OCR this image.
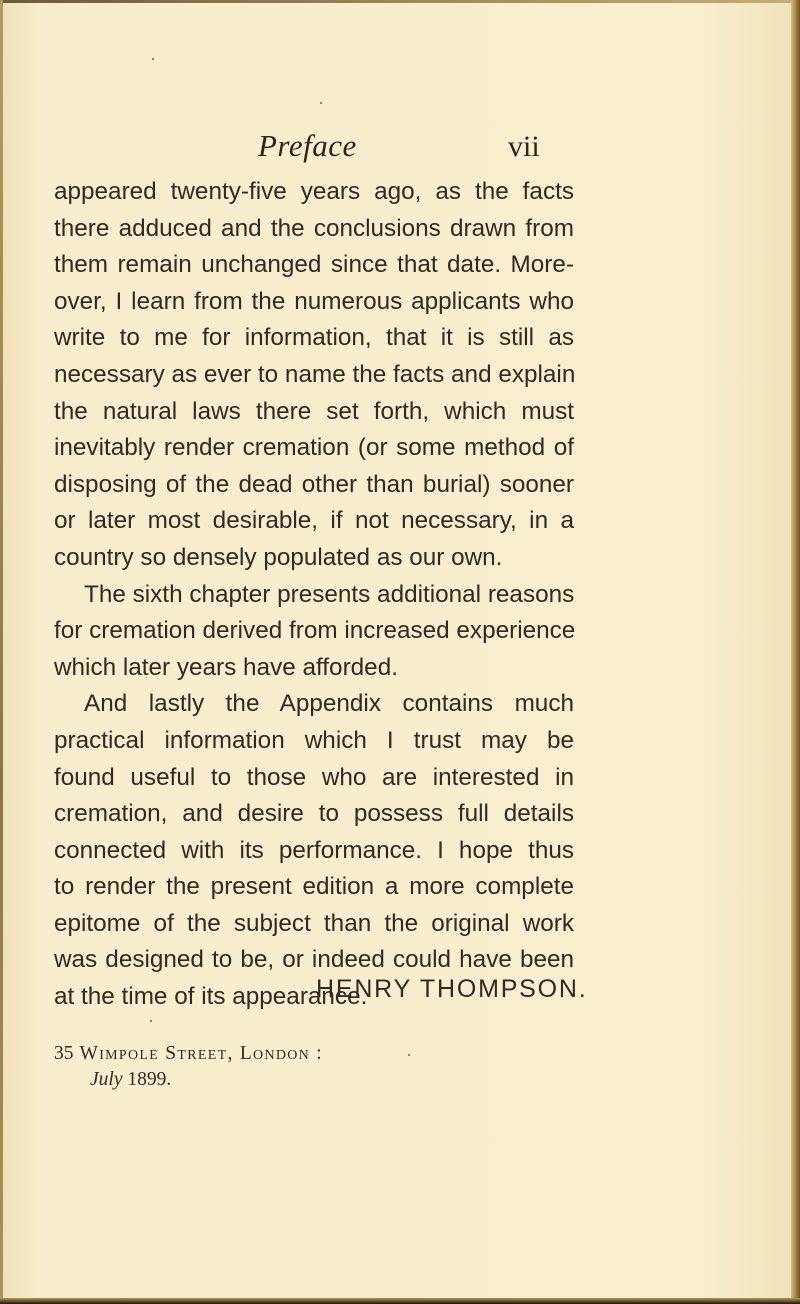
Preface	vii
appeared twenty-five years ago, as the facts
there adduced and the conclusions drawn from
them remain unchanged since that date. More-
over, I learn from the numerous applicants who
write to me for information, that it is still as
necessary as ever to name the facts and explain
the natural laws there set forth, which must
inevitably render cremation (or some method of
disposing of the dead other than burial) sooner
or later most desirable, if not necessary, in a
country so densely populated as our own.
The sixth chapter presents additional reasons
for cremation derived from increased experience
which later years have afforded.
And lastly the Appendix contains much
practical information which I trust may be
found useful to those who are interested in
cremation, and desire to possess full details
connected with its performance. I hope thus
to render the present edition a more complete
epitome of the subject than the original work
was designed to be, or indeed could have been
at the time of its appearance.
HENRY THOMPSON.
35 Wimpole Street, London :
July 1899.
